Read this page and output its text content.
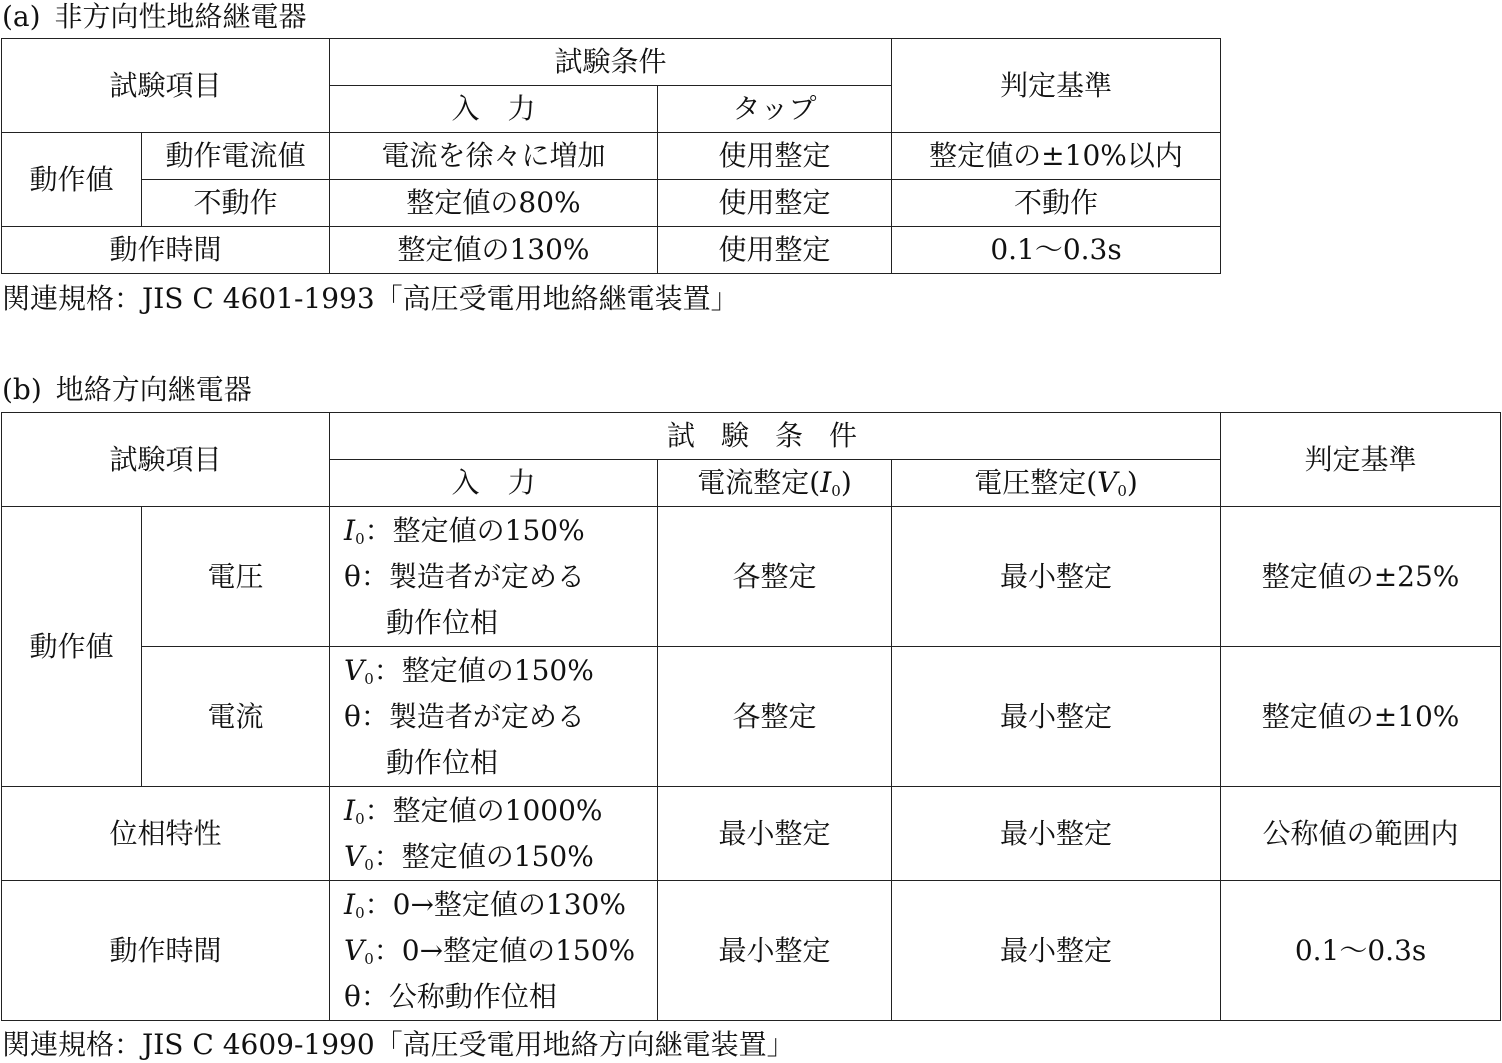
(a) 非方向性地絡継電器
試験項目		試験条件		判定基準
		入　力	タップ	
動作値	動作電流値	電流を徐々に増加	使用整定	整定値の±10%以内
	不動作	整定値の80%	使用整定	不動作
動作時間		整定値の130%	使用整定	0.1～0.3s
関連規格：JIS C 4601-1993「高圧受電用地絡継電装置」
(b) 地絡方向継電器
試験項目		試験条件			判定基準
		入　力	電流整定$(I_0)$	電圧整定$(V_0)$	
動作値	電圧	$I_0$：整定値の150%
θ：製造者が定める
動作位相	各整定	最小整定	整定値の±25%
	電流	$V_0$：整定値の150%
θ：製造者が定める
動作位相	各整定	最小整定	整定値の±10%
位相特性		$I_0$：整定値の1000%
$V_0$：整定値の150%	最小整定	最小整定	公称値の範囲内
動作時間		$I_0$：0→整定値の130%
$V_0$：0→整定値の150%
θ：公称動作位相	最小整定	最小整定	0.1～0.3s
関連規格：JIS C 4609-1990「高圧受電用地絡方向継電装置」
